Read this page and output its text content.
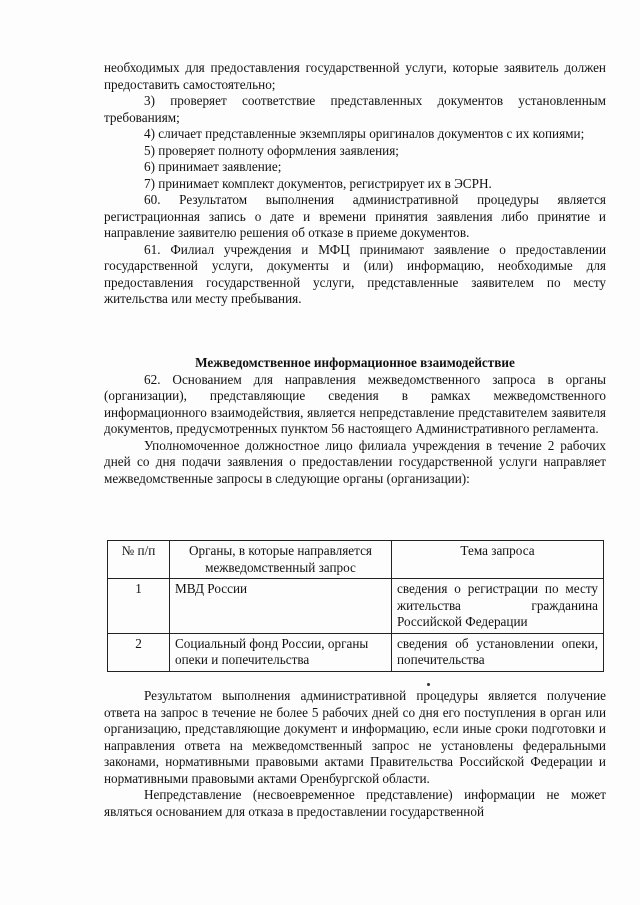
необходимых для предоставления государственной услуги, которые заявитель должен предоставить самостоятельно;

3) проверяет соответствие представленных документов установленным требованиям;

4) сличает представленные экземпляры оригиналов документов с их копиями;

5) проверяет полноту оформления заявления;

6) принимает заявление;

7) принимает комплект документов, регистрирует их в ЭСРН.

60. Результатом выполнения административной процедуры является регистрационная запись о дате и времени принятия заявления либо принятие и направление заявителю решения об отказе в приеме документов.

61. Филиал учреждения и МФЦ принимают заявление о предоставлении государственной услуги, документы и (или) информацию, необходимые для предоставления государственной услуги, представленные заявителем по месту жительства или месту пребывания.

Межведомственное информационное взаимодействие

62. Основанием для направления межведомственного запроса в органы (организации), представляющие сведения в рамках межведомственного информационного взаимодействия, является непредставление представителем заявителя документов, предусмотренных пунктом 56 настоящего Административного регламента.

Уполномоченное должностное лицо филиала учреждения в течение 2 рабочих дней со дня подачи заявления о предоставлении государственной услуги направляет межведомственные запросы в следующие органы (организации):

№ п/п	Органы, в которые направляется межведомственный запрос	Тема запроса
1	МВД России	сведения о регистрации по месту жительства гражданина Российской Федерации
2	Социальный фонд России, органы опеки и попечительства	сведения об установлении опеки, попечительства

Результатом выполнения административной процедуры является получение ответа на запрос в течение не более 5 рабочих дней со дня его поступления в орган или организацию, представляющие документ и информацию, если иные сроки подготовки и направления ответа на межведомственный запрос не установлены федеральными законами, нормативными правовыми актами Правительства Российской Федерации и нормативными правовыми актами Оренбургской области.

Непредставление (несвоевременное представление) информации не может являться основанием для отказа в предоставлении государственной
